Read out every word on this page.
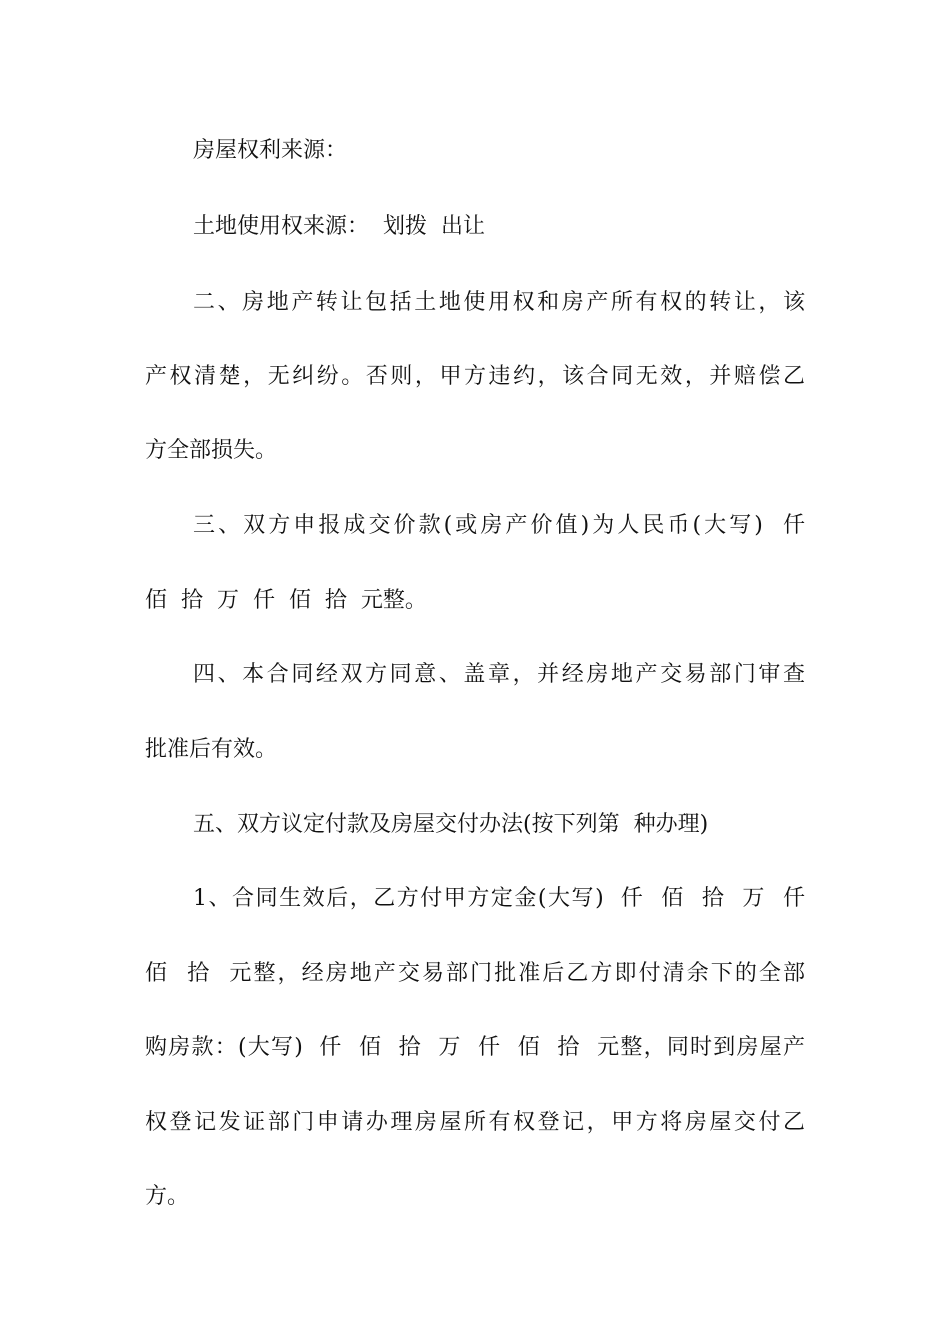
房屋权利来源：
土地使用权来源：  划拨  出让
二、房地产转让包括土地使用权和房产所有权的转让，该
产权清楚，无纠纷。否则，甲方违约，该合同无效，并赔偿乙
方全部损失。
三、双方申报成交价款(或房产价值)为人民币(大写)  仟
佰  拾  万  仟  佰  拾  元整。
四、本合同经双方同意、盖章，并经房地产交易部门审查
批准后有效。
五、双方议定付款及房屋交付办法(按下列第  种办理)
1、合同生效后，乙方付甲方定金(大写)  仟  佰  拾  万  仟
佰  拾  元整，经房地产交易部门批准后乙方即付清余下的全部
购房款：(大写)  仟  佰  拾  万  仟  佰  拾  元整，同时到房屋产
权登记发证部门申请办理房屋所有权登记，甲方将房屋交付乙
方。
